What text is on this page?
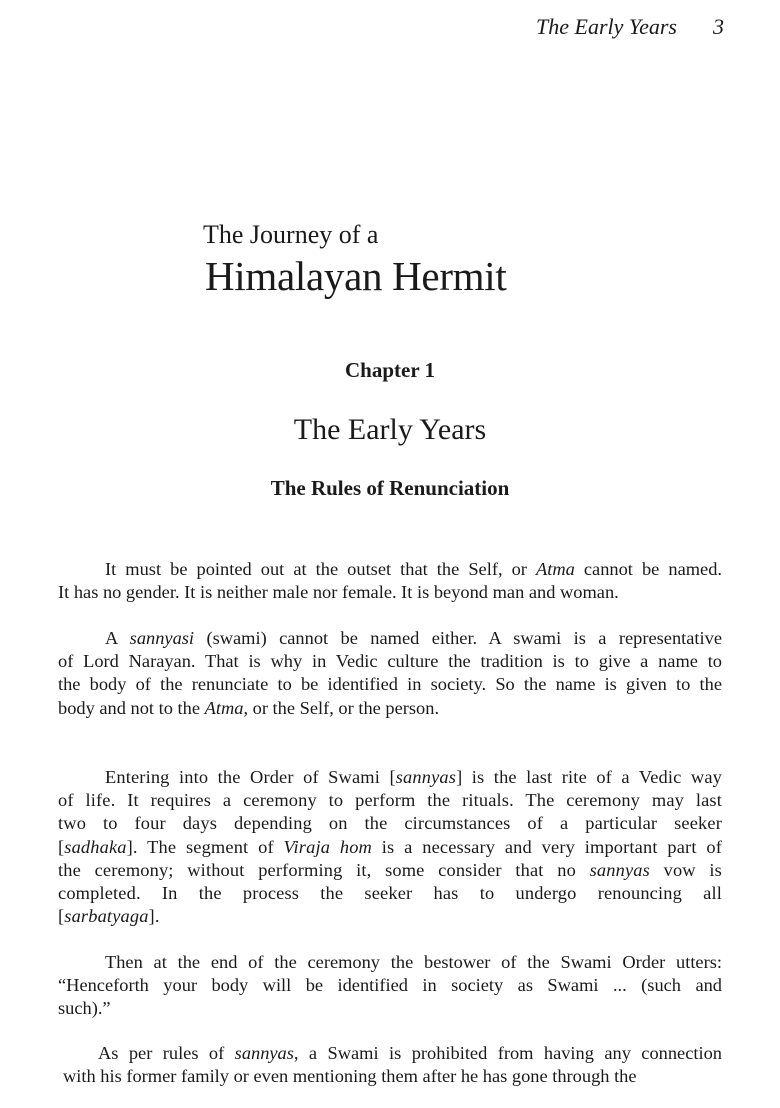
The Early Years 3
The Journey of a
Himalayan Hermit
Chapter 1
The Early Years
The Rules of Renunciation
It must be pointed out at the outset that the Self, or Atma cannot be named.
It has no gender. It is neither male nor female. It is beyond man and woman.
A sannyasi (swami) cannot be named either. A swami is a representative
of Lord Narayan. That is why in Vedic culture the tradition is to give a name to
the body of the renunciate to be identified in society. So the name is given to the
body and not to the Atma, or the Self, or the person.
Entering into the Order of Swami [sannyas] is the last rite of a Vedic way
of life. It requires a ceremony to perform the rituals. The ceremony may last
two to four days depending on the circumstances of a particular seeker
[sadhaka]. The segment of Viraja hom is a necessary and very important part of
the ceremony; without performing it, some consider that no sannyas vow is
completed. In the process the seeker has to undergo renouncing all
[sarbatyaga].
Then at the end of the ceremony the bestower of the Swami Order utters:
“Henceforth your body will be identified in society as Swami ... (such and
such).”
As per rules of sannyas, a Swami is prohibited from having any connection
with his former family or even mentioning them after he has gone through the
